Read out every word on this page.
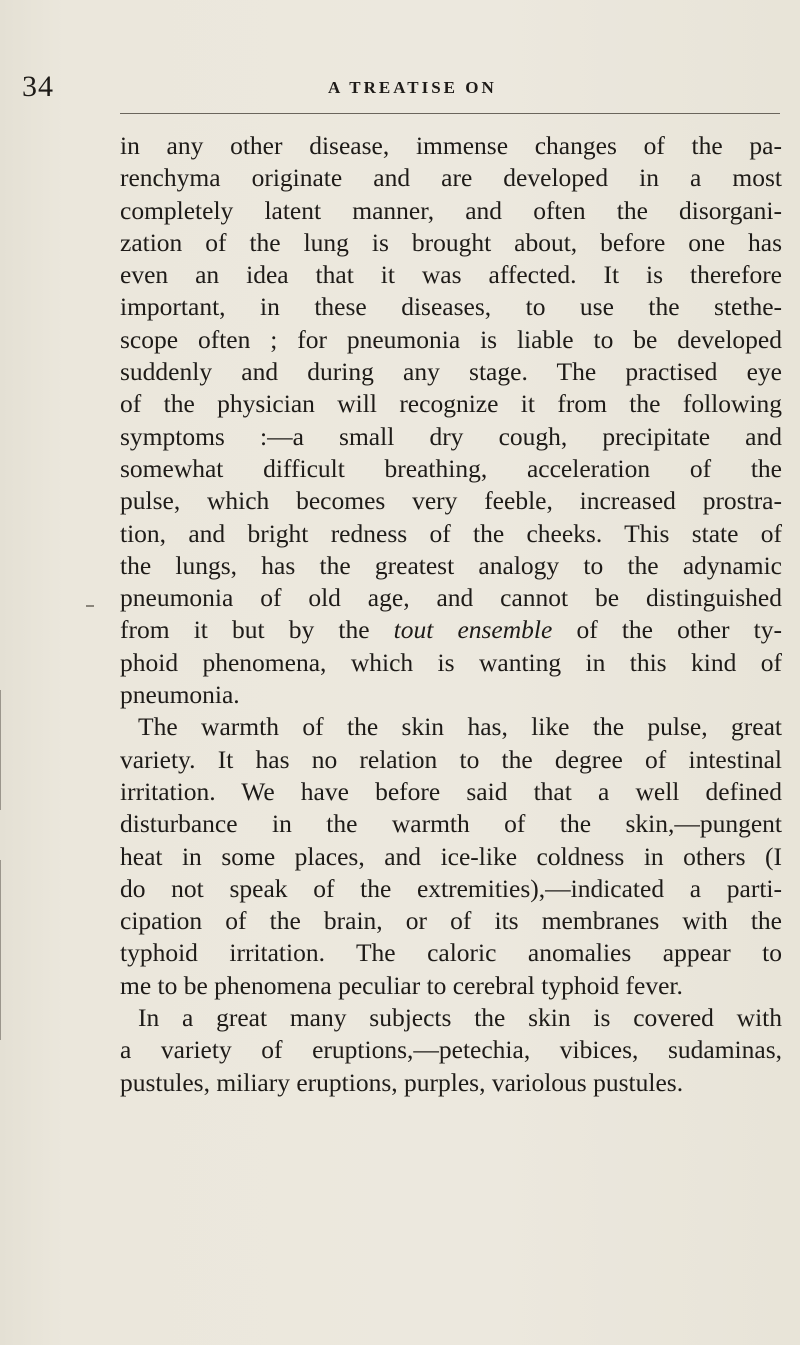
34	A TREATISE ON
in any other disease, immense changes of the pa-
renchyma originate and are developed in a most
completely latent manner, and often the disorgani-
zation of the lung is brought about, before one has
even an idea that it was affected. It is therefore
important, in these diseases, to use the stethe-
scope often ; for pneumonia is liable to be developed
suddenly and during any stage. The practised eye
of the physician will recognize it from the following
symptoms :—a small dry cough, precipitate and
somewhat difficult breathing, acceleration of the
pulse, which becomes very feeble, increased prostra-
tion, and bright redness of the cheeks. This state of
the lungs, has the greatest analogy to the adynamic
pneumonia of old age, and cannot be distinguished
from it but by the tout ensemble of the other ty-
phoid phenomena, which is wanting in this kind of
pneumonia.
The warmth of the skin has, like the pulse, great
variety. It has no relation to the degree of intestinal
irritation. We have before said that a well defined
disturbance in the warmth of the skin,—pungent
heat in some places, and ice-like coldness in others (I
do not speak of the extremities),—indicated a parti-
cipation of the brain, or of its membranes with the
typhoid irritation. The caloric anomalies appear to
me to be phenomena peculiar to cerebral typhoid fever.
In a great many subjects the skin is covered with
a variety of eruptions,—petechia, vibices, sudaminas,
pustules, miliary eruptions, purples, variolous pustules.
